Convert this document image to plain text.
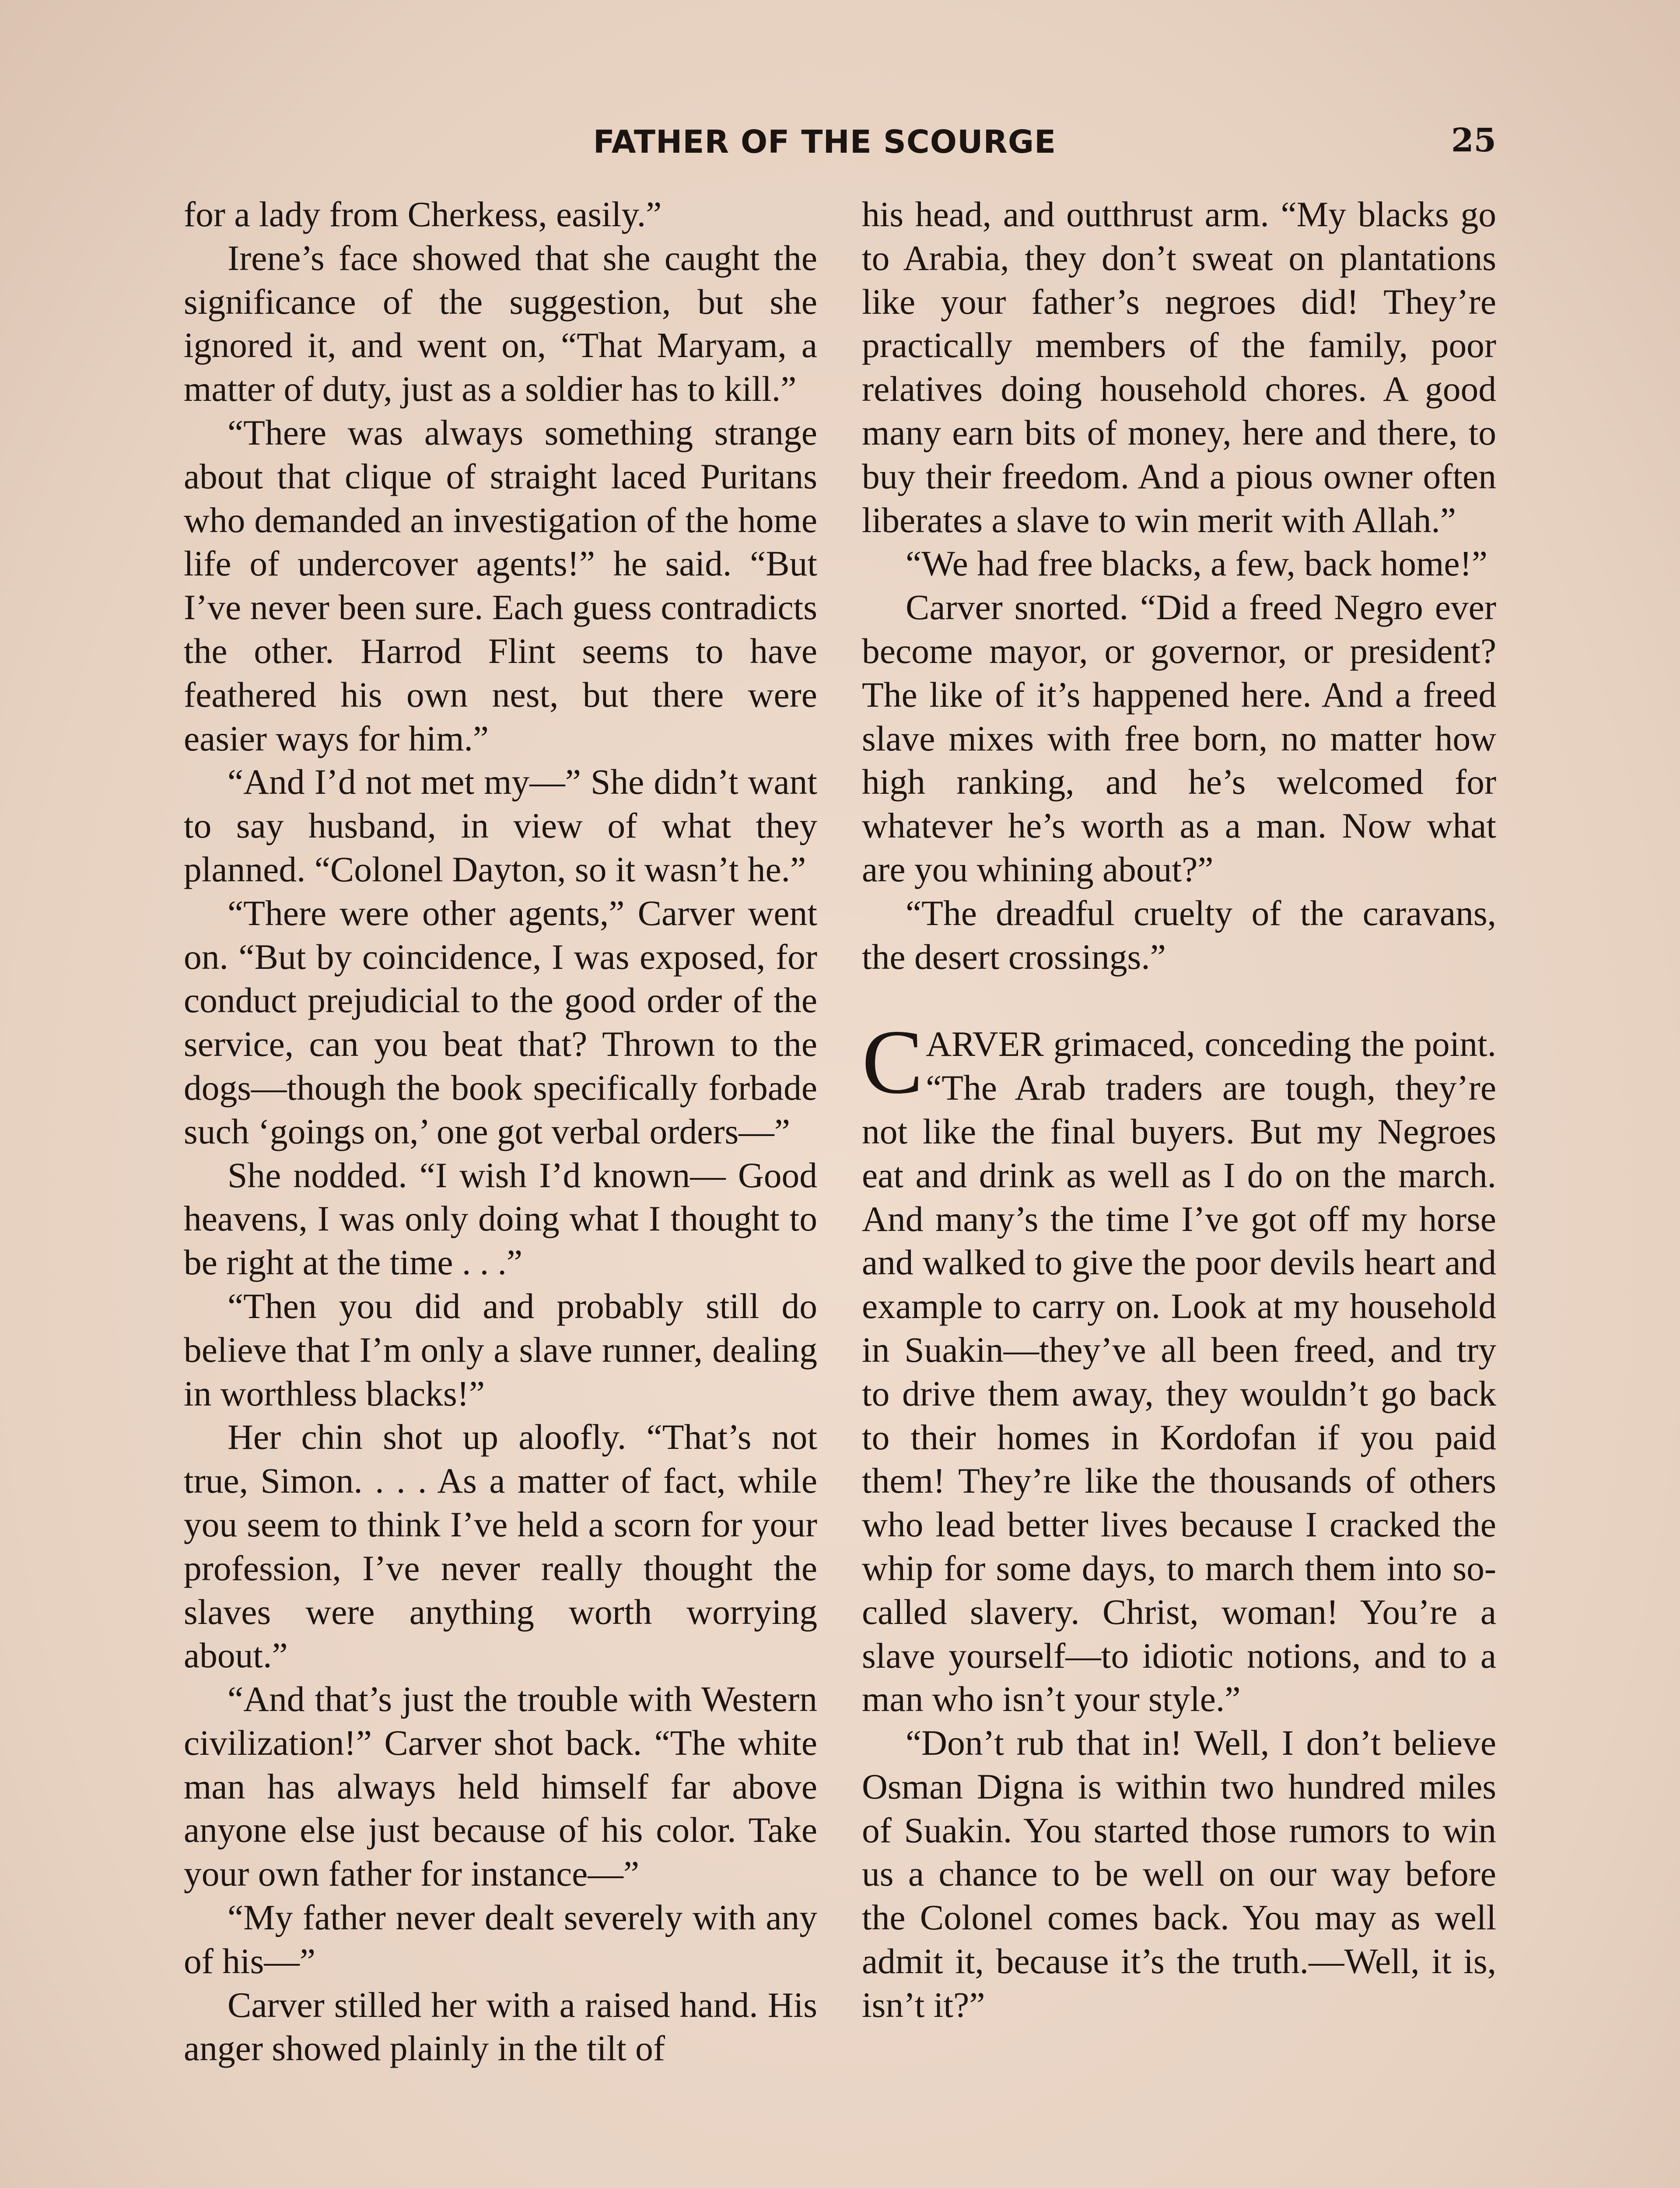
FATHER OF THE SCOURGE	25

for a lady from Cherkess, easily.”

Irene’s face showed that she caught the significance of the suggestion, but she ignored it, and went on, “That Maryam, a matter of duty, just as a soldier has to kill.”

“There was always something strange about that clique of straight laced Puritans who demanded an investigation of the home life of undercover agents!” he said. “But I’ve never been sure. Each guess contradicts the other. Harrod Flint seems to have feathered his own nest, but there were easier ways for him.”

“And I’d not met my—” She didn’t want to say husband, in view of what they planned. “Colonel Dayton, so it wasn’t he.”

“There were other agents,” Carver went on. “But by coincidence, I was exposed, for conduct prejudicial to the good order of the service, can you beat that? Thrown to the dogs—though the book specifically forbade such ‘goings on,’ one got verbal orders—”

She nodded. “I wish I’d known— Good heavens, I was only doing what I thought to be right at the time . . .”

“Then you did and probably still do believe that I’m only a slave runner, dealing in worthless blacks!”

Her chin shot up aloofly. “That’s not true, Simon. . . . As a matter of fact, while you seem to think I’ve held a scorn for your profession, I’ve never really thought the slaves were anything worth worrying about.”

“And that’s just the trouble with Western civilization!” Carver shot back. “The white man has always held himself far above anyone else just because of his color. Take your own father for instance—”

“My father never dealt severely with any of his—”

Carver stilled her with a raised hand. His anger showed plainly in the tilt of

his head, and outthrust arm. “My blacks go to Arabia, they don’t sweat on plantations like your father’s negroes did! They’re practically members of the family, poor relatives doing household chores. A good many earn bits of money, here and there, to buy their freedom. And a pious owner often liberates a slave to win merit with Allah.”

“We had free blacks, a few, back home!”

Carver snorted. “Did a freed Negro ever become mayor, or governor, or president? The like of it’s happened here. And a freed slave mixes with free born, no matter how high ranking, and he’s welcomed for whatever he’s worth as a man. Now what are you whining about?”

“The dreadful cruelty of the caravans, the desert crossings.”

CARVER grimaced, conceding the point. “The Arab traders are tough, they’re not like the final buyers. But my Negroes eat and drink as well as I do on the march. And many’s the time I’ve got off my horse and walked to give the poor devils heart and example to carry on. Look at my household in Suakin—they’ve all been freed, and try to drive them away, they wouldn’t go back to their homes in Kordofan if you paid them! They’re like the thousands of others who lead better lives because I cracked the whip for some days, to march them into so-called slavery. Christ, woman! You’re a slave yourself—to idiotic notions, and to a man who isn’t your style.”

“Don’t rub that in! Well, I don’t believe Osman Digna is within two hundred miles of Suakin. You started those rumors to win us a chance to be well on our way before the Colonel comes back. You may as well admit it, because it’s the truth.—Well, it is, isn’t it?”
